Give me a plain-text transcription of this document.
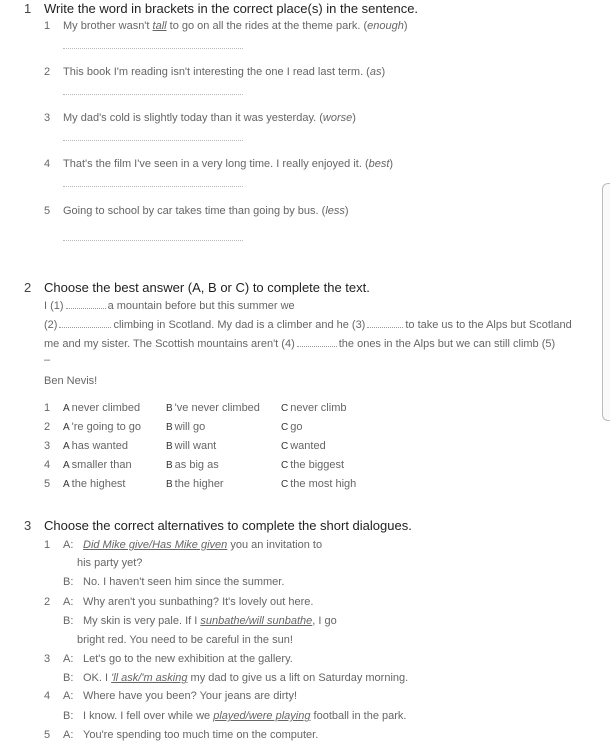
1 Write the word in brackets in the correct place(s) in the sentence.
1 My brother wasn't tall to go on all the rides at the theme park. (enough)
2 This book I'm reading isn't interesting the one I read last term. (as)
3 My dad's cold is slightly today than it was yesterday. (worse)
4 That's the film I've seen in a very long time. I really enjoyed it. (best)
5 Going to school by car takes time than going by bus. (less)
2 Choose the best answer (A, B or C) to complete the text.
I (1)	a mountain before but this summer we
(2)	climbing in Scotland. My dad is a climber and he (3)	to take us to the Alps but Scotland
me and my sister. The Scottish mountains aren't (4)	the ones in the Alps but we can still climb (5)
–
Ben Nevis!
1 A never climbed	B 've never climbed C never climb
2 A 're going to go B will go	C go
3 A has wanted	B will want	C wanted
4 A smaller than	B as big as	C the biggest
5 A the highest	B the higher	C the most high
3 Choose the correct alternatives to complete the short dialogues.
1 A: Did Mike give/Has Mike given you an invitation to
his party yet?
B: No. I haven't seen him since the summer.
2 A: Why aren't you sunbathing? It's lovely out here.
B: My skin is very pale. If I sunbathe/will sunbathe, I go
bright red. You need to be careful in the sun!
3 A: Let's go to the new exhibition at the gallery.
B: OK. I 'll ask/'m asking my dad to give us a lift on Saturday morning.
4 A: Where have you been? Your jeans are dirty!
B: I know. I fell over while we played/were playing football in the park.
5 A: You're spending too much time on the computer.
